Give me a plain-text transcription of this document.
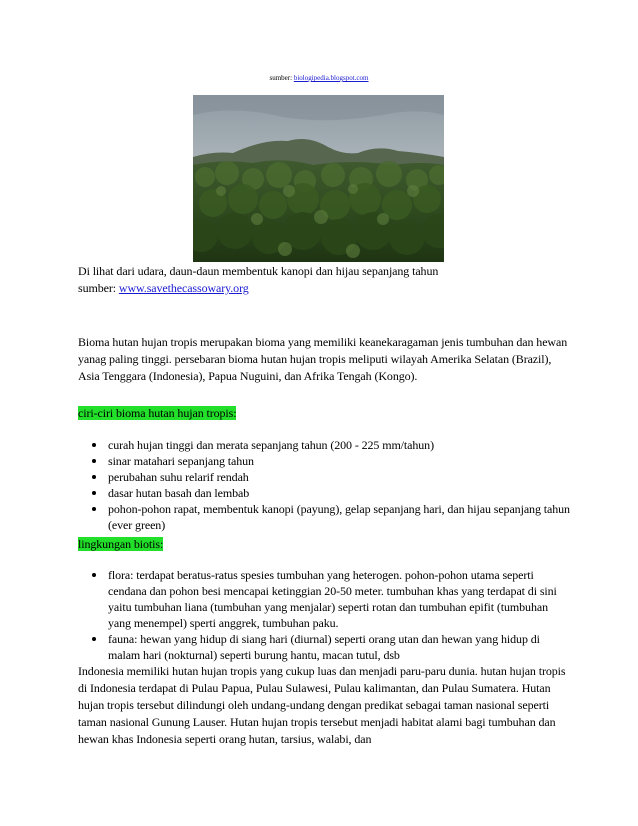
sumber: biologipedia.blogspot.com

Di lihat dari udara, daun-daun membentuk kanopi dan hijau sepanjang tahun

sumber: www.savethecassowary.org

Bioma hutan hujan tropis merupakan bioma yang memiliki keanekaragaman jenis tumbuhan dan hewan yanag paling tinggi. persebaran bioma hutan hujan tropis meliputi wilayah Amerika Selatan (Brazil), Asia Tenggara (Indonesia), Papua Nuguini, dan Afrika Tengah (Kongo).
ciri-ciri bioma hutan hujan tropis:
curah hujan tinggi dan merata sepanjang tahun (200 - 225 mm/tahun)
sinar matahari sepanjang tahun
perubahan suhu relarif rendah
dasar hutan basah dan lembab
pohon-pohon rapat, membentuk kanopi (payung), gelap sepanjang hari, dan hijau sepanjang tahun (ever green)
lingkungan biotis:
flora: terdapat beratus-ratus spesies tumbuhan yang heterogen. pohon-pohon utama seperti cendana dan pohon besi mencapai ketinggian 20-50 meter. tumbuhan khas yang terdapat di sini yaitu tumbuhan liana (tumbuhan yang menjalar) seperti rotan dan tumbuhan epifit (tumbuhan yang menempel) sperti anggrek, tumbuhan paku.
fauna: hewan yang hidup di siang hari (diurnal) seperti orang utan dan hewan yang hidup di malam hari (nokturnal) seperti burung hantu, macan tutul, dsb
Indonesia memiliki hutan hujan tropis yang cukup luas dan menjadi paru-paru dunia. hutan hujan tropis di Indonesia terdapat di Pulau Papua, Pulau Sulawesi, Pulau kalimantan, dan Pulau Sumatera. Hutan hujan tropis tersebut dilindungi oleh undang-undang dengan predikat sebagai taman nasional seperti taman nasional Gunung Lauser. Hutan hujan tropis tersebut menjadi habitat alami bagi tumbuhan dan hewan khas Indonesia seperti orang hutan, tarsius, walabi, dan
